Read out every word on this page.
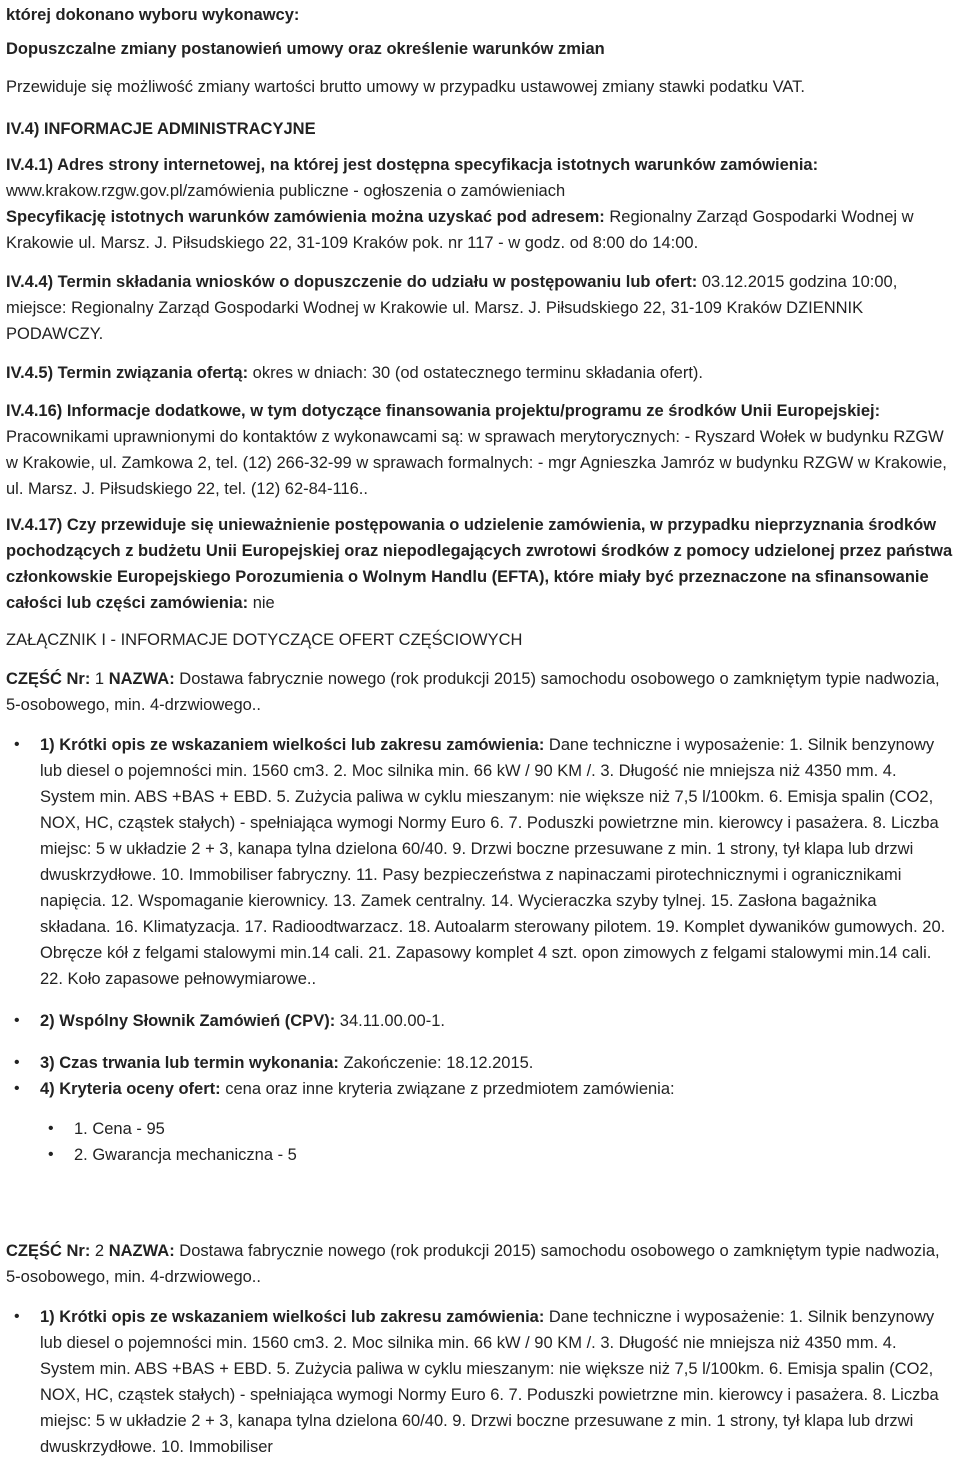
której dokonano wyboru wykonawcy:

Dopuszczalne zmiany postanowień umowy oraz określenie warunków zmian

Przewiduje się możliwość zmiany wartości brutto umowy w przypadku ustawowej zmiany stawki podatku VAT.

IV.4) INFORMACJE ADMINISTRACYJNE

IV.4.1) Adres strony internetowej, na której jest dostępna specyfikacja istotnych warunków zamówienia:
www.krakow.rzgw.gov.pl/zamówienia publiczne - ogłoszenia o zamówieniach

Specyfikację istotnych warunków zamówienia można uzyskać pod adresem: Regionalny Zarząd Gospodarki Wodnej w Krakowie ul. Marsz. J. Piłsudskiego 22, 31-109 Kraków pok. nr 117 - w godz. od 8:00 do 14:00.

IV.4.4) Termin składania wniosków o dopuszczenie do udziału w postępowaniu lub ofert: 03.12.2015 godzina 10:00, miejsce: Regionalny Zarząd Gospodarki Wodnej w Krakowie ul. Marsz. J. Piłsudskiego 22, 31-109 Kraków DZIENNIK PODAWCZY.

IV.4.5) Termin związania ofertą: okres w dniach: 30 (od ostatecznego terminu składania ofert).

IV.4.16) Informacje dodatkowe, w tym dotyczące finansowania projektu/programu ze środków Unii Europejskiej: Pracownikami uprawnionymi do kontaktów z wykonawcami są: w sprawach merytorycznych: - Ryszard Wołek w budynku RZGW w Krakowie, ul. Zamkowa 2, tel. (12) 266-32-99 w sprawach formalnych: - mgr Agnieszka Jamróz w budynku RZGW w Krakowie, ul. Marsz. J. Piłsudskiego 22, tel. (12) 62-84-116..

IV.4.17) Czy przewiduje się unieważnienie postępowania o udzielenie zamówienia, w przypadku nieprzyznania środków pochodzących z budżetu Unii Europejskiej oraz niepodlegających zwrotowi środków z pomocy udzielonej przez państwa członkowskie Europejskiego Porozumienia o Wolnym Handlu (EFTA), które miały być przeznaczone na sfinansowanie całości lub części zamówienia: nie

ZAŁĄCZNIK I - INFORMACJE DOTYCZĄCE OFERT CZĘŚCIOWYCH

CZĘŚĆ Nr: 1 NAZWA: Dostawa fabrycznie nowego (rok produkcji 2015) samochodu osobowego o zamkniętym typie nadwozia, 5-osobowego, min. 4-drzwiowego..

• 1) Krótki opis ze wskazaniem wielkości lub zakresu zamówienia: Dane techniczne i wyposażenie: 1. Silnik benzynowy lub diesel o pojemności min. 1560 cm3. 2. Moc silnika min. 66 kW / 90 KM /. 3. Długość nie mniejsza niż 4350 mm. 4. System min. ABS +BAS + EBD. 5. Zużycia paliwa w cyklu mieszanym: nie większe niż 7,5 l/100km. 6. Emisja spalin (CO2, NOX, HC, cząstek stałych) - spełniająca wymogi Normy Euro 6. 7. Poduszki powietrzne min. kierowcy i pasażera. 8. Liczba miejsc: 5 w układzie 2 + 3, kanapa tylna dzielona 60/40. 9. Drzwi boczne przesuwane z min. 1 strony, tył klapa lub drzwi dwuskrzydłowe. 10. Immobiliser fabryczny. 11. Pasy bezpieczeństwa z napinaczami pirotechnicznymi i ogranicznikami napięcia. 12. Wspomaganie kierownicy. 13. Zamek centralny. 14. Wycieraczka szyby tylnej. 15. Zasłona bagażnika składana. 16. Klimatyzacja. 17. Radioodtwarzacz. 18. Autoalarm sterowany pilotem. 19. Komplet dywaników gumowych. 20. Obręcze kół z felgami stalowymi min.14 cali. 21. Zapasowy komplet 4 szt. opon zimowych z felgami stalowymi min.14 cali. 22. Koło zapasowe pełnowymiarowe..
• 2) Wspólny Słownik Zamówień (CPV): 34.11.00.00-1.
• 3) Czas trwania lub termin wykonania: Zakończenie: 18.12.2015.
• 4) Kryteria oceny ofert: cena oraz inne kryteria związane z przedmiotem zamówienia:
• 1. Cena - 95
• 2. Gwarancja mechaniczna - 5

CZĘŚĆ Nr: 2 NAZWA: Dostawa fabrycznie nowego (rok produkcji 2015) samochodu osobowego o zamkniętym typie nadwozia, 5-osobowego, min. 4-drzwiowego..

• 1) Krótki opis ze wskazaniem wielkości lub zakresu zamówienia: Dane techniczne i wyposażenie: 1. Silnik benzynowy lub diesel o pojemności min. 1560 cm3. 2. Moc silnika min. 66 kW / 90 KM /. 3. Długość nie mniejsza niż 4350 mm. 4. System min. ABS +BAS + EBD. 5. Zużycia paliwa w cyklu mieszanym: nie większe niż 7,5 l/100km. 6. Emisja spalin (CO2, NOX, HC, cząstek stałych) - spełniająca wymogi Normy Euro 6. 7. Poduszki powietrzne min. kierowcy i pasażera. 8. Liczba miejsc: 5 w układzie 2 + 3, kanapa tylna dzielona 60/40. 9. Drzwi boczne przesuwane z min. 1 strony, tył klapa lub drzwi dwuskrzydłowe. 10. Immobiliser
